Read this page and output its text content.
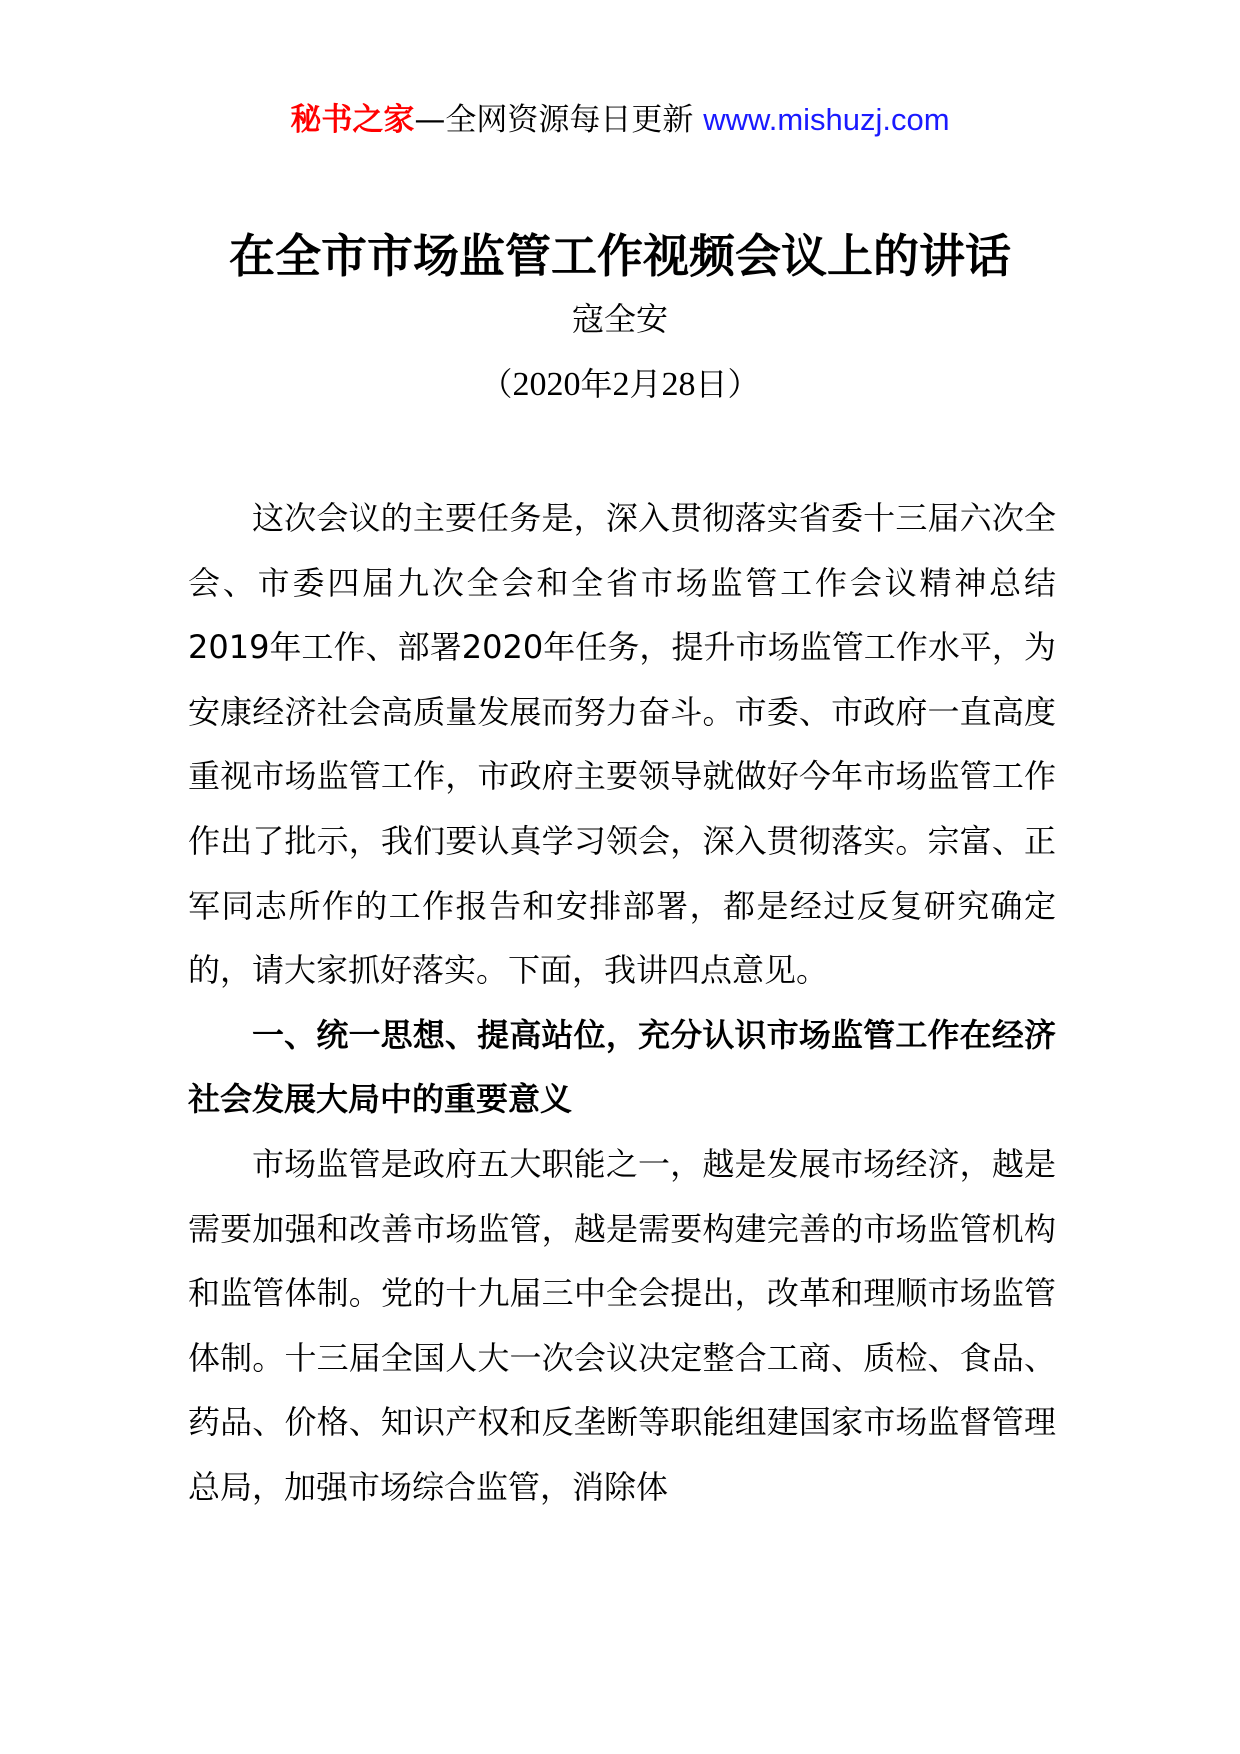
秘书之家—全网资源每日更新 www.mishuzj.com
在全市市场监管工作视频会议上的讲话
寇全安
（2020年2月28日）

这次会议的主要任务是，深入贯彻落实省委十三届六次全会、市委四届九次全会和全省市场监管工作会议精神总结2019年工作、部署2020年任务，提升市场监管工作水平，为安康经济社会高质量发展而努力奋斗。市委、市政府一直高度重视市场监管工作，市政府主要领导就做好今年市场监管工作作出了批示，我们要认真学习领会，深入贯彻落实。宗富、正军同志所作的工作报告和安排部署，都是经过反复研究确定的，请大家抓好落实。下面，我讲四点意见。

一、统一思想、提高站位，充分认识市场监管工作在经济社会发展大局中的重要意义

市场监管是政府五大职能之一，越是发展市场经济，越是需要加强和改善市场监管，越是需要构建完善的市场监管机构和监管体制。党的十九届三中全会提出，改革和理顺市场监管体制。十三届全国人大一次会议决定整合工商、质检、食品、药品、价格、知识产权和反垄断等职能组建国家市场监督管理总局，加强市场综合监管，消除体
